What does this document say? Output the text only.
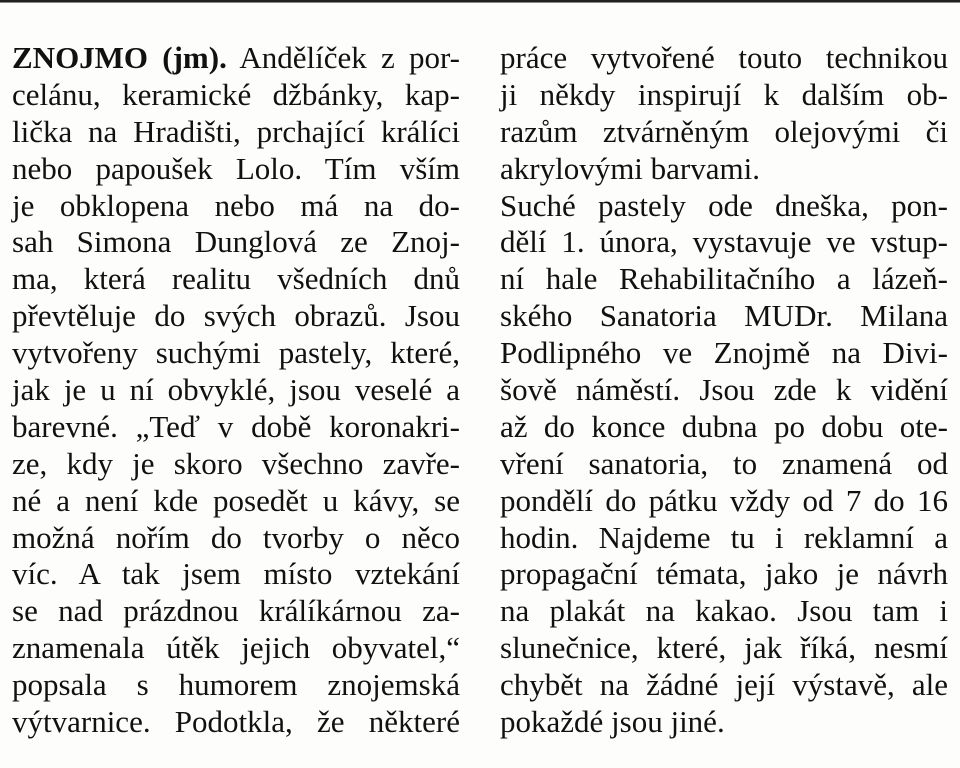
ZNOJMO (jm). Andělíček z por-
celánu, keramické džbánky, kap-
lička na Hradišti, prchající králíci
nebo papoušek Lolo. Tím vším
je obklopena nebo má na do-
sah Simona Dunglová ze Znoj-
ma, která realitu všedních dnů
převtěluje do svých obrazů. Jsou
vytvořeny suchými pastely, které,
jak je u ní obvyklé, jsou veselé a
barevné. „Teď v době koronakri-
ze, kdy je skoro všechno zavře-
né a není kde posedět u kávy, se
možná nořím do tvorby o něco
víc. A tak jsem místo vztekání
se nad prázdnou králíkárnou za-
znamenala útěk jejich obyvatel,“
popsala s humorem znojemská
výtvarnice. Podotkla, že některé
práce vytvořené touto technikou
ji někdy inspirují k dalším ob-
razům ztvárněným olejovými či
akrylovými barvami.
Suché pastely ode dneška, pon-
dělí 1. února, vystavuje ve vstup-
ní hale Rehabilitačního a lázeň-
ského Sanatoria MUDr. Milana
Podlipného ve Znojmě na Divi-
šově náměstí. Jsou zde k vidění
až do konce dubna po dobu ote-
vření sanatoria, to znamená od
pondělí do pátku vždy od 7 do 16
hodin. Najdeme tu i reklamní a
propagační témata, jako je návrh
na plakát na kakao. Jsou tam i
slunečnice, které, jak říká, nesmí
chybět na žádné její výstavě, ale
pokaždé jsou jiné.
